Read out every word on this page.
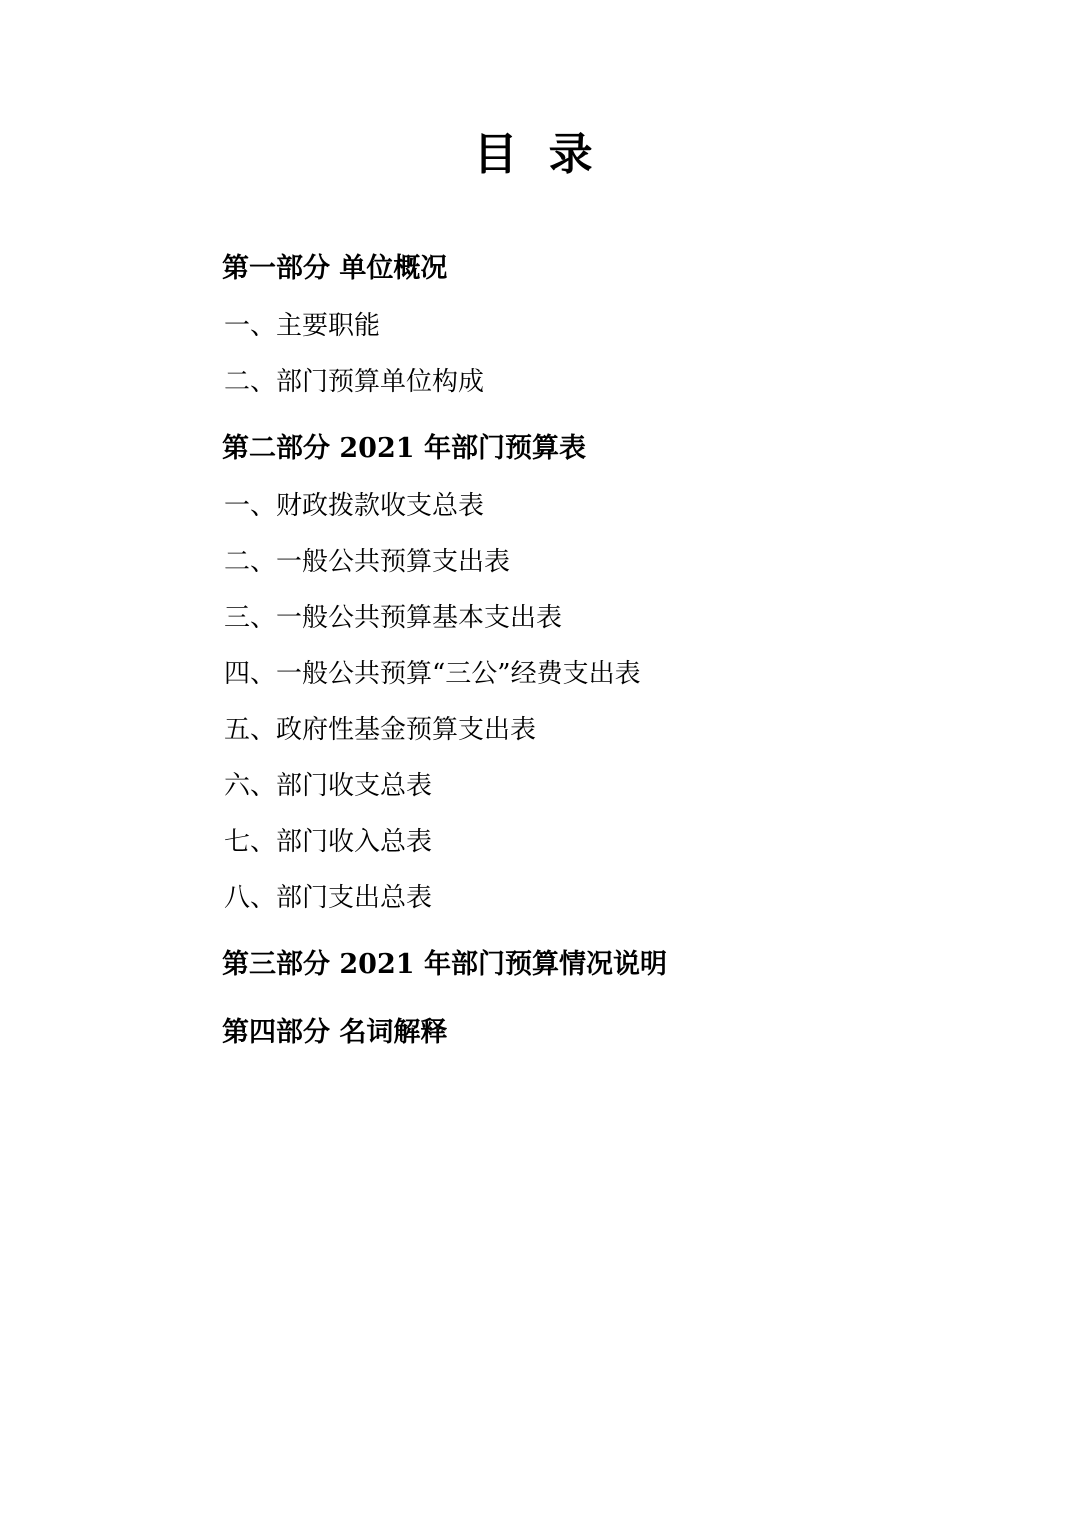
目 录
第一部分 单位概况
一、主要职能
二、部门预算单位构成
第二部分 2021 年部门预算表
一、财政拨款收支总表
二、一般公共预算支出表
三、一般公共预算基本支出表
四、一般公共预算“三公”经费支出表
五、政府性基金预算支出表
六、部门收支总表
七、部门收入总表
八、部门支出总表
第三部分 2021 年部门预算情况说明
第四部分 名词解释
